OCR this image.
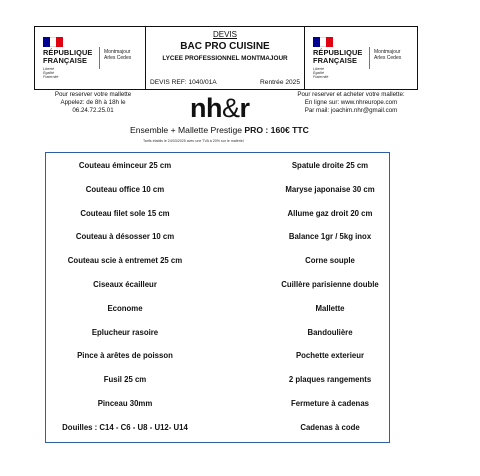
RÉPUBLIQUE
FRANÇAISE
Liberté
Égalité
Fraternité
Montmajour
Arles Cedex
DEVIS
BAC PRO CUISINE
LYCEE PROFESSIONNEL MONTMAJOUR
DEVIS REF: 1040/01A	Rentrée 2025
RÉPUBLIQUE
FRANÇAISE
Liberté
Égalité
Fraternité
Montmajour
Arles Cedex
Pour reserver votre mallette
Appelez: de 8h à 18h le
06.24.72.25.01	nh&r	Pour reserver et acheter votre mallette:
En ligne sur: www.nhreurope.com
Par mail: joachim.nhr@gmail.com
Ensemble + Mallette Prestige PRO : 160€ TTC
Tarifs établis le 24/03/2025 avec une TVA à 20% sur le matériel
Couteau éminceur 25 cm
Couteau office 10 cm
Couteau filet sole 15 cm
Couteau à désosser 10 cm
Couteau scie à entremet 25 cm
Ciseaux écailleur
Econome
Eplucheur rasoire
Pince à arêtes de poisson
Fusil 25 cm
Pinceau 30mm
Douilles : C14 - C6 - U8 - U12- U14
Spatule droite 25 cm
Maryse japonaise 30 cm
Allume gaz droit 20 cm
Balance 1gr / 5kg inox
Corne souple
Cuillère parisienne double
Mallette
Bandoulière
Pochette exterieur
2 plaques rangements
Fermeture à cadenas
Cadenas à code
